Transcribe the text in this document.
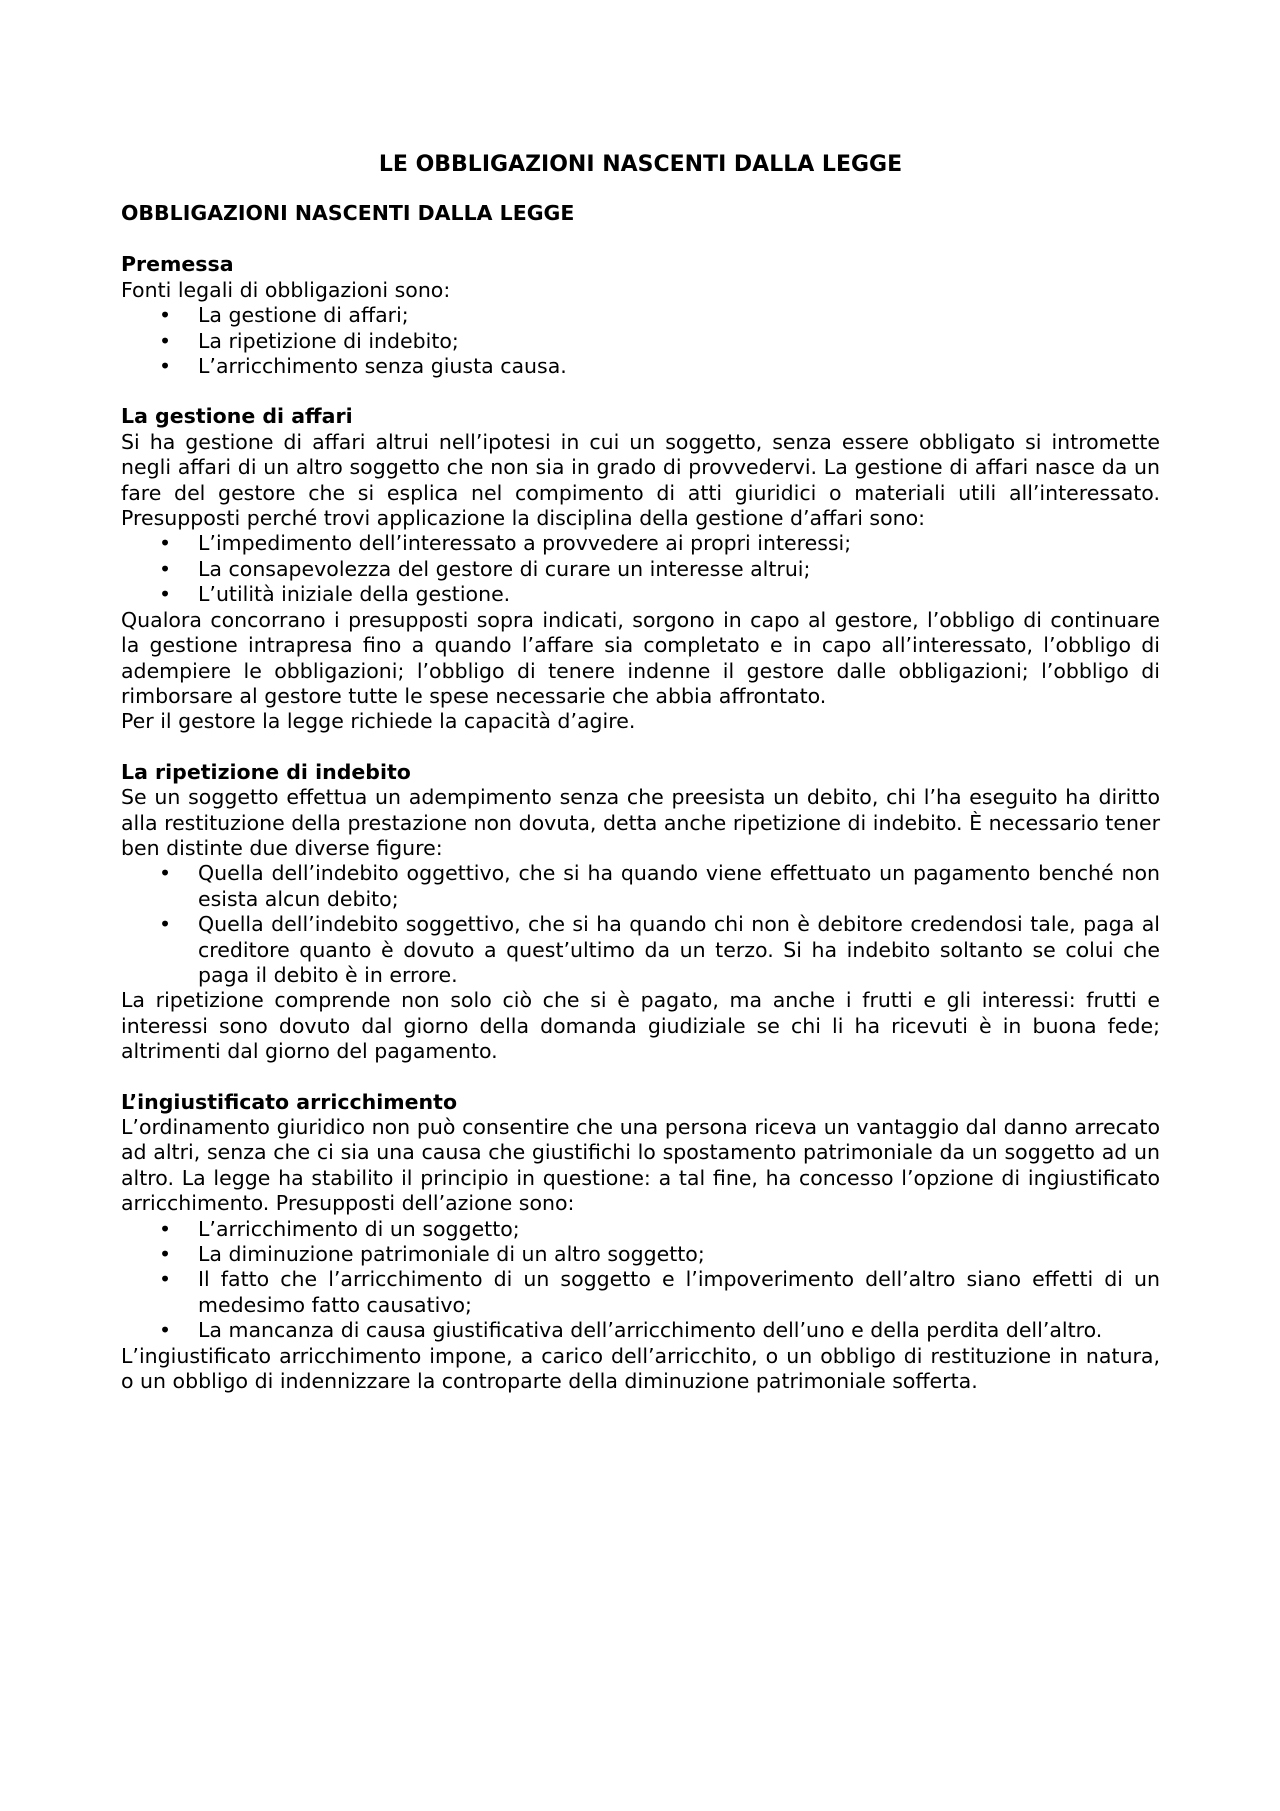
LE OBBLIGAZIONI NASCENTI DALLA LEGGE
OBBLIGAZIONI NASCENTI DALLA LEGGE
Premessa

Fonti legali di obbligazioni sono:

• La gestione di affari;
• La ripetizione di indebito;
• L’arricchimento senza giusta causa.
La gestione di affari

Si ha gestione di affari altrui nell’ipotesi in cui un soggetto, senza essere obbligato si intromette negli affari di un altro soggetto che non sia in grado di provvedervi. La gestione di affari nasce da un fare del gestore che si esplica nel compimento di atti giuridici o materiali utili all’interessato. Presupposti perché trovi applicazione la disciplina della gestione d’affari sono:

• L’impedimento dell’interessato a provvedere ai propri interessi;
• La consapevolezza del gestore di curare un interesse altrui;
• L’utilità iniziale della gestione.

Qualora concorrano i presupposti sopra indicati, sorgono in capo al gestore, l’obbligo di continuare la gestione intrapresa fino a quando l’affare sia completato e in capo all’interessato, l’obbligo di adempiere le obbligazioni; l’obbligo di tenere indenne il gestore dalle obbligazioni; l’obbligo di rimborsare al gestore tutte le spese necessarie che abbia affrontato.

Per il gestore la legge richiede la capacità d’agire.

La ripetizione di indebito

Se un soggetto effettua un adempimento senza che preesista un debito, chi l’ha eseguito ha diritto alla restituzione della prestazione non dovuta, detta anche ripetizione di indebito. È necessario tener ben distinte due diverse figure:

• Quella dell’indebito oggettivo, che si ha quando viene effettuato un pagamento benché non esista alcun debito;
• Quella dell’indebito soggettivo, che si ha quando chi non è debitore credendosi tale, paga al creditore quanto è dovuto a quest’ultimo da un terzo. Si ha indebito soltanto se colui che paga il debito è in errore.

La ripetizione comprende non solo ciò che si è pagato, ma anche i frutti e gli interessi: frutti e interessi sono dovuto dal giorno della domanda giudiziale se chi li ha ricevuti è in buona fede; altrimenti dal giorno del pagamento.

L’ingiustificato arricchimento

L’ordinamento giuridico non può consentire che una persona riceva un vantaggio dal danno arrecato ad altri, senza che ci sia una causa che giustifichi lo spostamento patrimoniale da un soggetto ad un altro. La legge ha stabilito il principio in questione: a tal fine, ha concesso l’opzione di ingiustificato arricchimento. Presupposti dell’azione sono:

• L’arricchimento di un soggetto;
• La diminuzione patrimoniale di un altro soggetto;
• Il fatto che l’arricchimento di un soggetto e l’impoverimento dell’altro siano effetti di un medesimo fatto causativo;
• La mancanza di causa giustificativa dell’arricchimento dell’uno e della perdita dell’altro.

L’ingiustificato arricchimento impone, a carico dell’arricchito, o un obbligo di restituzione in natura, o un obbligo di indennizzare la controparte della diminuzione patrimoniale sofferta.
